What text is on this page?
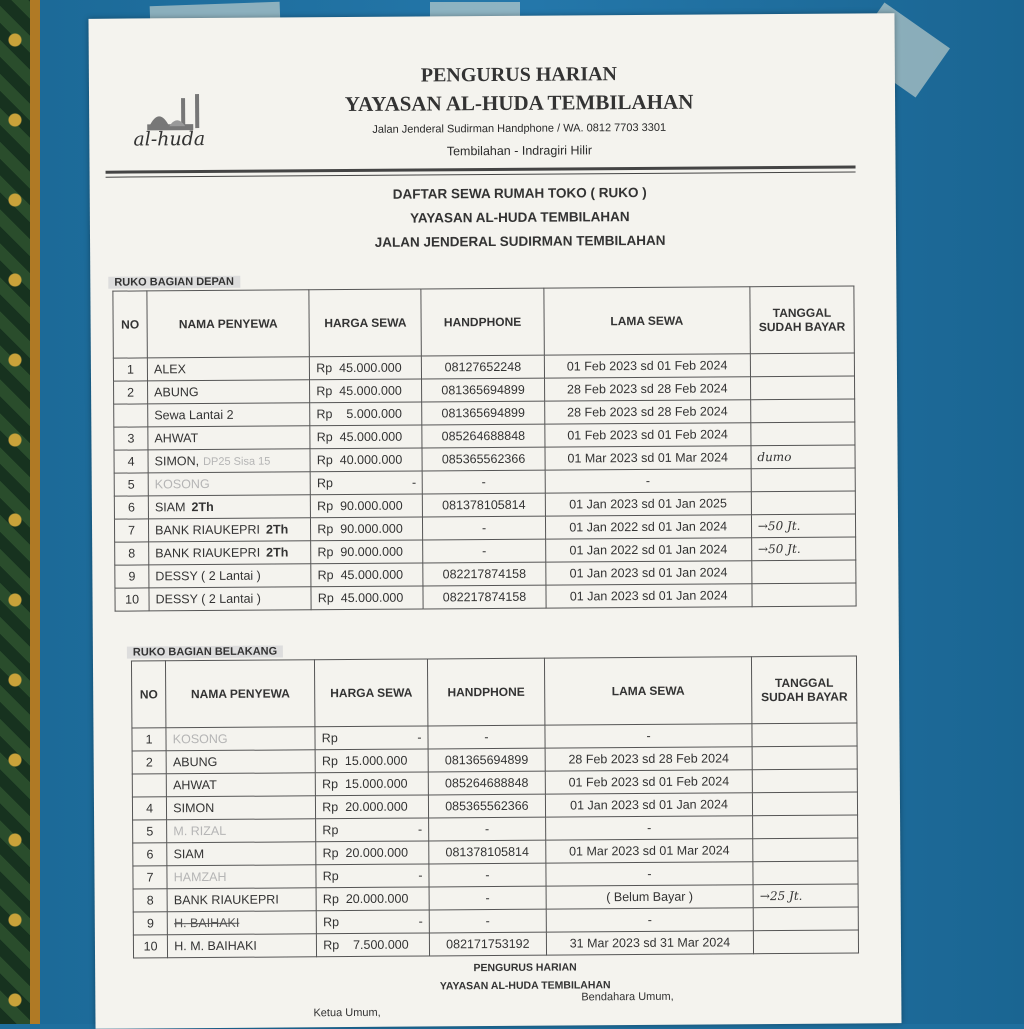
al-huda
PENGURUS HARIAN
YAYASAN AL-HUDA TEMBILAHAN
Jalan Jenderal Sudirman Handphone / WA. 0812 7703 3301
Tembilahan - Indragiri Hilir
DAFTAR SEWA RUMAH TOKO ( RUKO )
YAYASAN AL-HUDA TEMBILAHAN
JALAN JENDERAL SUDIRMAN TEMBILAHAN
RUKO BAGIAN DEPAN
NO	NAMA PENYEWA	HARGA SEWA	HANDPHONE	LAMA SEWA	TANGGAL SUDAH BAYAR
1	ALEX	Rp  45.000.000	08127652248	01 Feb 2023 sd 01 Feb 2024	
2	ABUNG	Rp  45.000.000	081365694899	28 Feb 2023 sd 28 Feb 2024	
	Sewa Lantai 2	Rp    5.000.000	081365694899	28 Feb 2023 sd 28 Feb 2024	
3	AHWAT	Rp  45.000.000	085264688848	01 Feb 2023 sd 01 Feb 2024	
4	SIMON, DP25 Sisa 15	Rp  40.000.000	085365562366	01 Mar 2023 sd 01 Mar 2024	dumo
5	KOSONG	Rp -	-	-	
6	SIAM 2Th	Rp  90.000.000	081378105814	01 Jan 2023 sd 01 Jan 2025	
7	BANK RIAUKEPRI 2Th	Rp  90.000.000	-	01 Jan 2022 sd 01 Jan 2024	→50 Jt.
8	BANK RIAUKEPRI 2Th	Rp  90.000.000	-	01 Jan 2022 sd 01 Jan 2024	→50 Jt.
9	DESSY ( 2 Lantai )	Rp  45.000.000	082217874158	01 Jan 2023 sd 01 Jan 2024	
10	DESSY ( 2 Lantai )	Rp  45.000.000	082217874158	01 Jan 2023 sd 01 Jan 2024	
RUKO BAGIAN BELAKANG
NO	NAMA PENYEWA	HARGA SEWA	HANDPHONE	LAMA SEWA	TANGGAL SUDAH BAYAR
1	KOSONG	Rp -	-	-	
2	ABUNG	Rp  15.000.000	081365694899	28 Feb 2023 sd 28 Feb 2024	
	AHWAT	Rp  15.000.000	085264688848	01 Feb 2023 sd 01 Feb 2024	
4	SIMON	Rp  20.000.000	085365562366	01 Jan 2023 sd 01 Jan 2024	
5	M. RIZAL	Rp -	-	-	
6	SIAM	Rp  20.000.000	081378105814	01 Mar 2023 sd 01 Mar 2024	
7	HAMZAH	Rp -	-	-	
8	BANK RIAUKEPRI	Rp  20.000.000	-	( Belum Bayar )	→25 Jt.
9	H. BAIHAKI	Rp -	-	-	
10	H. M. BAIHAKI	Rp    7.500.000	082171753192	31 Mar 2023 sd 31 Mar 2024	
PENGURUS HARIAN
YAYASAN AL-HUDA TEMBILAHAN
Ketua Umum,
Bendahara Umum,
